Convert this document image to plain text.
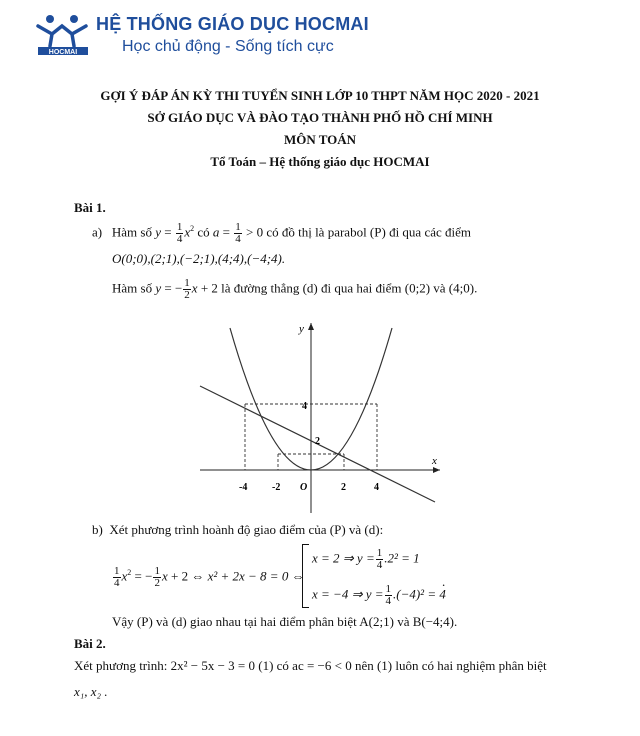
HOCMAI
HỆ THỐNG GIÁO DỤC HOCMAI
Học chủ động - Sống tích cực
GỢI Ý ĐÁP ÁN KỲ THI TUYỂN SINH LỚP 10 THPT NĂM HỌC 2020 - 2021
SỞ GIÁO DỤC VÀ ĐÀO TẠO THÀNH PHỐ HỒ CHÍ MINH
MÔN TOÁN
Tổ Toán – Hệ thống giáo dục HOCMAI
Bài 1.
a) Hàm số $y = \frac{1}{4} x^2$ có $a = \frac{1}{4} > 0$ có đồ thị là parabol (P) đi qua các điểm
O(0;0),(2;1),(−2;1),(4;4),(−4;4).
Hàm số y = − $\frac{1}{2}$ x + 2 là đường thẳng (d) đi qua hai điểm (0;2) và (4;0).
y
x
O
-4 -2	2	4
4
2
b) Xét phương trình hoành độ giao điểm của (P) và (d):
$\frac{1}{4} x^2$ = − $\frac{1}{2}$ x + 2 ⇔ x² + 2x − 8 = 0 ⇔
x = 2 ⇒ $y = \frac{1}{4} .2^2 = 1$
x = −4 ⇒ $y = \frac{1}{4} .(-4)^2 = 4$
.
Vậy (P) và (d) giao nhau tại hai điểm phân biệt A(2;1) và B(−4;4).
Bài 2.
Xét phương trình: 2x² − 5x − 3 = 0 (1) có ac = −6 < 0 nên (1) luôn có hai nghiệm phân biệt
x₁, x₂ .
